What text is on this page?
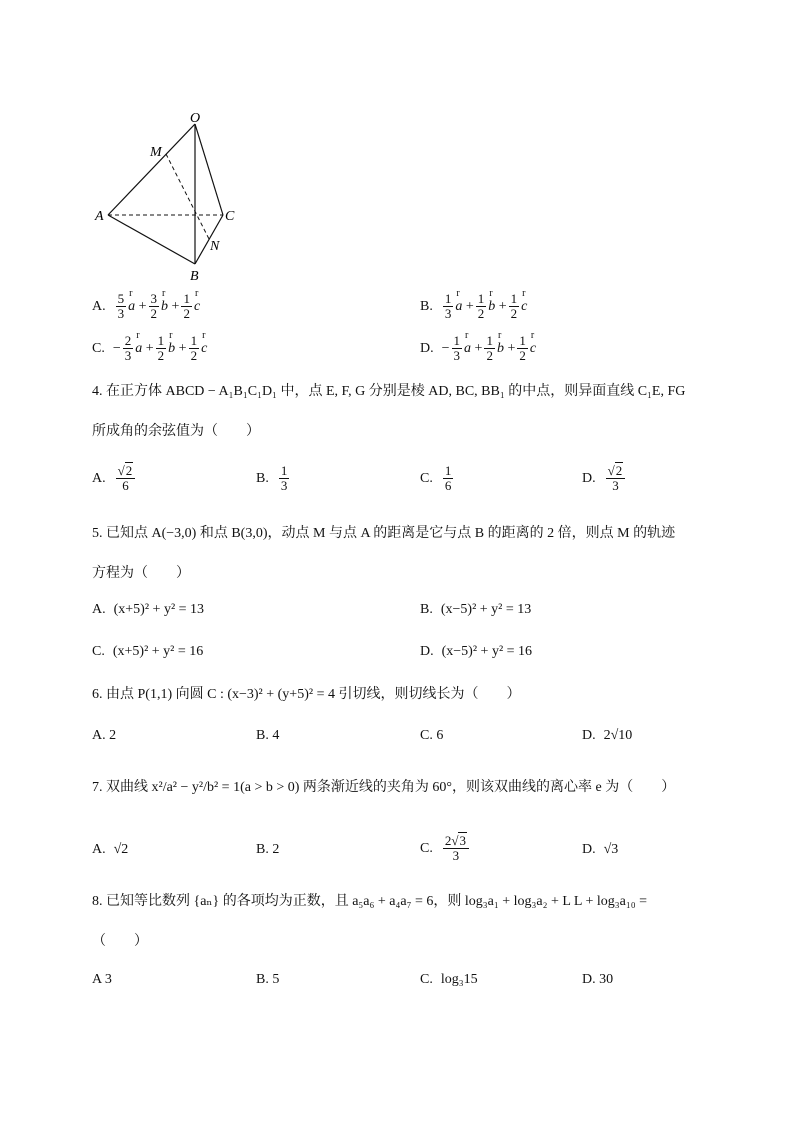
O
M
A	C
N
B
A. $\frac{5}{3}$ r $a + \frac{3}{2}$ r $b + \frac{1}{2}$ r c	B. $\frac{1}{3}$ r $a + \frac{1}{2}$ r $b + \frac{1}{2}$ r c
C. − $\frac{2}{3}$ r $a + \frac{1}{2}$ r $b + \frac{1}{2}$ r c	D. − $\frac{1}{3}$ r $a + \frac{1}{2}$ r $b + \frac{1}{2}$ r c
4. 在正方体 ABCD − A₁B₁C₁D₁ 中，点 E, F, G 分别是棱 AD, BC, BB₁ 的中点，则异面直线 C₁E, FG
所成角的余弦值为（　　）
A. $\frac{√2}{6}$	B. $\frac{1}{3}$	C. $\frac{1}{6}$	D. $\frac{√2}{3}$
5. 已知点 A(−3,0) 和点 B(3,0)，动点 M 与点 A 的距离是它与点 B 的距离的 2 倍，则点 M 的轨迹
方程为（　　）
A. (x+5)² + y² = 13	B. (x−5)² + y² = 13
C. (x+5)² + y² = 16	D. (x−5)² + y² = 16
6. 由点 P(1,1) 向圆 C : (x−3)² + (y+5)² = 4 引切线，则切线长为（　　）
A. 2	B. 4	C. 6	D. 2√10
7. 双曲线 x²/a² − y²/b² = 1(a > b > 0) 两条渐近线的夹角为 60°，则该双曲线的离心率 e 为（　　）
A. √2	B. 2	C. $\frac{2√3}{3}$	D. √3
8. 已知等比数列 {aₙ} 的各项均为正数，且 a₅a₆ + a₄a₇ = 6，则 log₃a₁ + log₃a₂ + L L + log₃a₁₀ =
（　　）
A 3	B. 5	C. log₃15	D. 30
